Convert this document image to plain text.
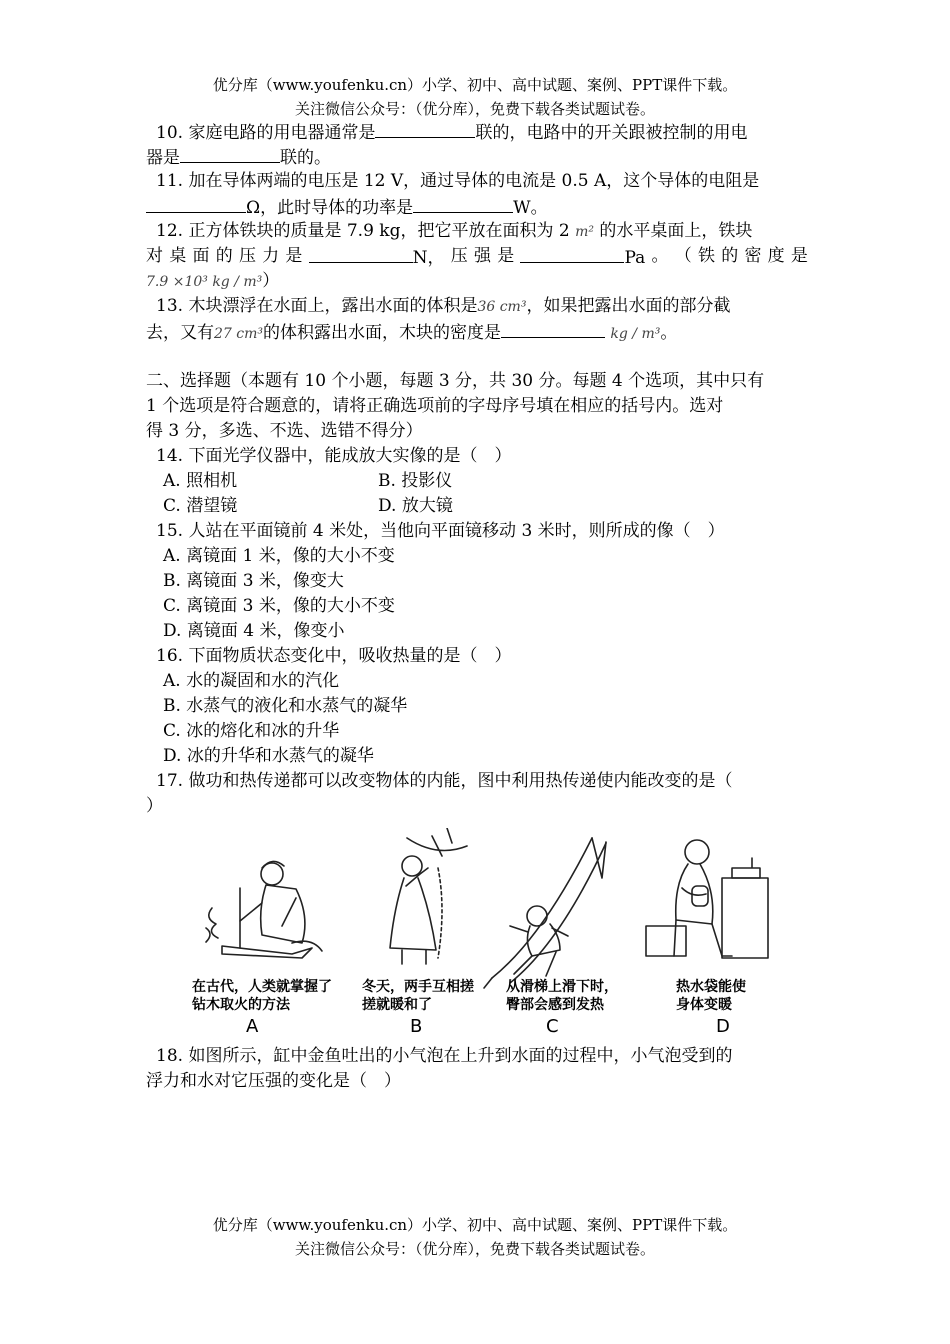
优分库（www.youfenku.cn）小学、初中、高中试题、案例、PPT课件下载。
关注微信公众号：（优分库），免费下载各类试题试卷。
10. 家庭电路的用电器通常是	联的，电路中的开关跟被控制的用电
器是	联的。
11. 加在导体两端的电压是 12 V，通过导体的电流是 0.5 A，这个导体的电阻是
Ω，此时导体的功率是	W。
12. 正方体铁块的质量是 7.9 kg，把它平放在面积为 2 m² 的水平桌面上，铁块
对 桌 面 的 压 力 是	N， 压 强 是	Pa 。 （ 铁 的 密 度 是
7.9 ×10³ kg / m³）
13. 木块漂浮在水面上，露出水面的体积是36 cm³，如果把露出水面的部分截
去，又有27 cm³的体积露出水面，木块的密度是	kg / m³。
二、选择题（本题有 10 个小题，每题 3 分，共 30 分。每题 4 个选项，其中只有
1 个选项是符合题意的，请将正确选项前的字母序号填在相应的括号内。选对
得 3 分，多选、不选、选错不得分）
14. 下面光学仪器中，能成放大实像的是（　）
A. 照相机	B. 投影仪
C. 潜望镜	D. 放大镜
15. 人站在平面镜前 4 米处，当他向平面镜移动 3 米时，则所成的像（　）
A. 离镜面 1 米，像的大小不变
B. 离镜面 3 米，像变大
C. 离镜面 3 米，像的大小不变
D. 离镜面 4 米，像变小
16. 下面物质状态变化中，吸收热量的是（　）
A. 水的凝固和水的汽化
B. 水蒸气的液化和水蒸气的凝华
C. 冰的熔化和冰的升华
D. 冰的升华和水蒸气的凝华
17. 做功和热传递都可以改变物体的内能，图中利用热传递使内能改变的是（
）
在古代，人类就掌握了
钻木取火的方法
A
冬天，两手互相搓
搓就暖和了
B
从滑梯上滑下时，
臀部会感到发热
C
热水袋能使
身体变暖
D
18. 如图所示，缸中金鱼吐出的小气泡在上升到水面的过程中，小气泡受到的
浮力和水对它压强的变化是（　）
优分库（www.youfenku.cn）小学、初中、高中试题、案例、PPT课件下载。
关注微信公众号：（优分库），免费下载各类试题试卷。
